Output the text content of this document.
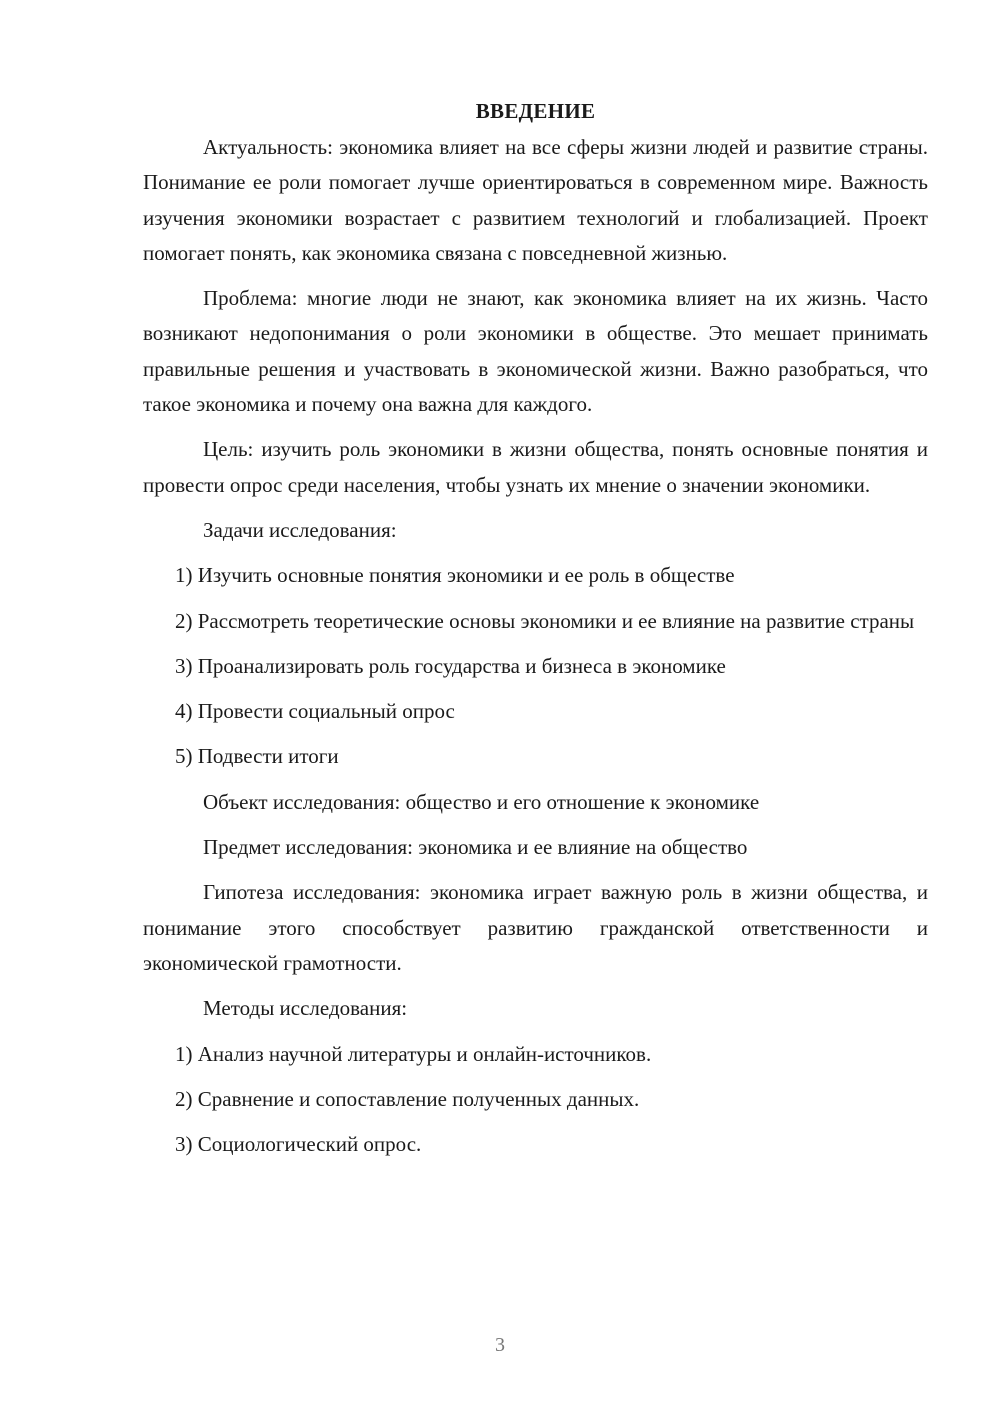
ВВЕДЕНИЕ

Актуальность: экономика влияет на все сферы жизни людей и развитие страны. Понимание ее роли помогает лучше ориентироваться в современном мире. Важность изучения экономики возрастает с развитием технологий и глобализацией. Проект помогает понять, как экономика связана с повседневной жизнью.

Проблема: многие люди не знают, как экономика влияет на их жизнь. Часто возникают недопонимания о роли экономики в обществе. Это мешает принимать правильные решения и участвовать в экономической жизни. Важно разобраться, что такое экономика и почему она важна для каждого.

Цель: изучить роль экономики в жизни общества, понять основные понятия и провести опрос среди населения, чтобы узнать их мнение о значении экономики.

Задачи исследования:

1) Изучить основные понятия экономики и ее роль в обществе

2) Рассмотреть теоретические основы экономики и ее влияние на развитие страны

3) Проанализировать роль государства и бизнеса в экономике

4) Провести социальный опрос

5) Подвести итоги

Объект исследования: общество и его отношение к экономике

Предмет исследования: экономика и ее влияние на общество

Гипотеза исследования: экономика играет важную роль в жизни общества, и понимание этого способствует развитию гражданской ответственности и экономической грамотности.

Методы исследования:

1) Анализ научной литературы и онлайн-источников.

2) Сравнение и сопоставление полученных данных.

3) Социологический опрос.

3
